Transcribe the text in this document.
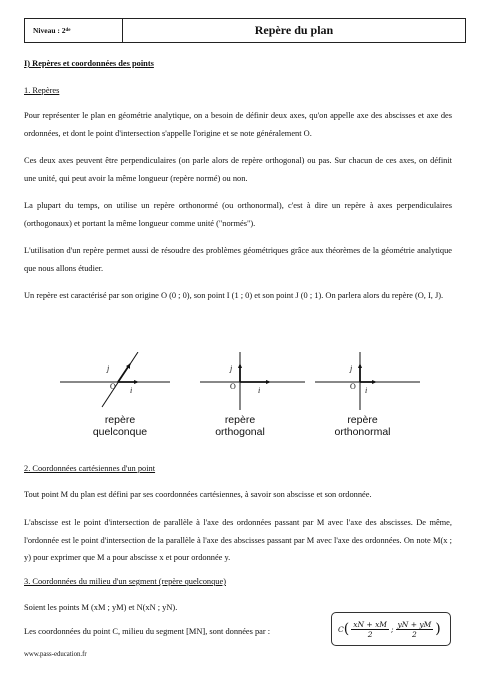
Niveau : 2 de	Repère du plan
I) Repères et coordonnées des points
1. Repères
Pour représenter le plan en géométrie analytique, on a besoin de définir deux axes, qu'on appelle axe des abscisses et axe des ordonnées, et dont le point d'intersection s'appelle l'origine et se note généralement O.
Ces deux axes peuvent être perpendiculaires (on parle alors de repère orthogonal) ou pas. Sur chacun de ces axes, on définit une unité, qui peut avoir la même longueur (repère normé) ou non.
La plupart du temps, on utilise un repère orthonormé (ou orthonormal), c'est à dire un repère à axes perpendiculaires (orthogonaux) et portant la même longueur comme unité ("normés").
L'utilisation d'un repère permet aussi de résoudre des problèmes géométriques grâce aux théorèmes de la géométrie analytique que nous allons étudier.
Un repère est caractérisé par son origine O (0 ; 0), son point I (1 ; 0) et son point J (0 ; 1). On parlera alors du repère (O, I, J).
j
O i
repère
quelconque
j
O	i
repère
orthogonal
j
O i
repère
orthonormal
2. Coordonnées cartésiennes d'un point
Tout point M du plan est défini par ses coordonnées cartésiennes, à savoir son abscisse et son ordonnée.
L'abscisse est le point d'intersection de parallèle à l'axe des ordonnées passant par M avec l'axe des abscisses. De même, l'ordonnée est le point d'intersection de la parallèle à l'axe des abscisses passant par M avec l'axe des ordonnées. On note M(x ; y) pour exprimer que M a pour abscisse x et pour ordonnée y.
3. Coordonnées du milieu d'un segment (repère quelconque)
Soient les points M (xM ; yM) et N(xN ; yN).
Les coordonnées du point C, milieu du segment [MN], sont données par :	C ( $\frac{xN + xM}{2}$ ; $\frac{yN + yM}{2}$ )
www.pass-education.fr
